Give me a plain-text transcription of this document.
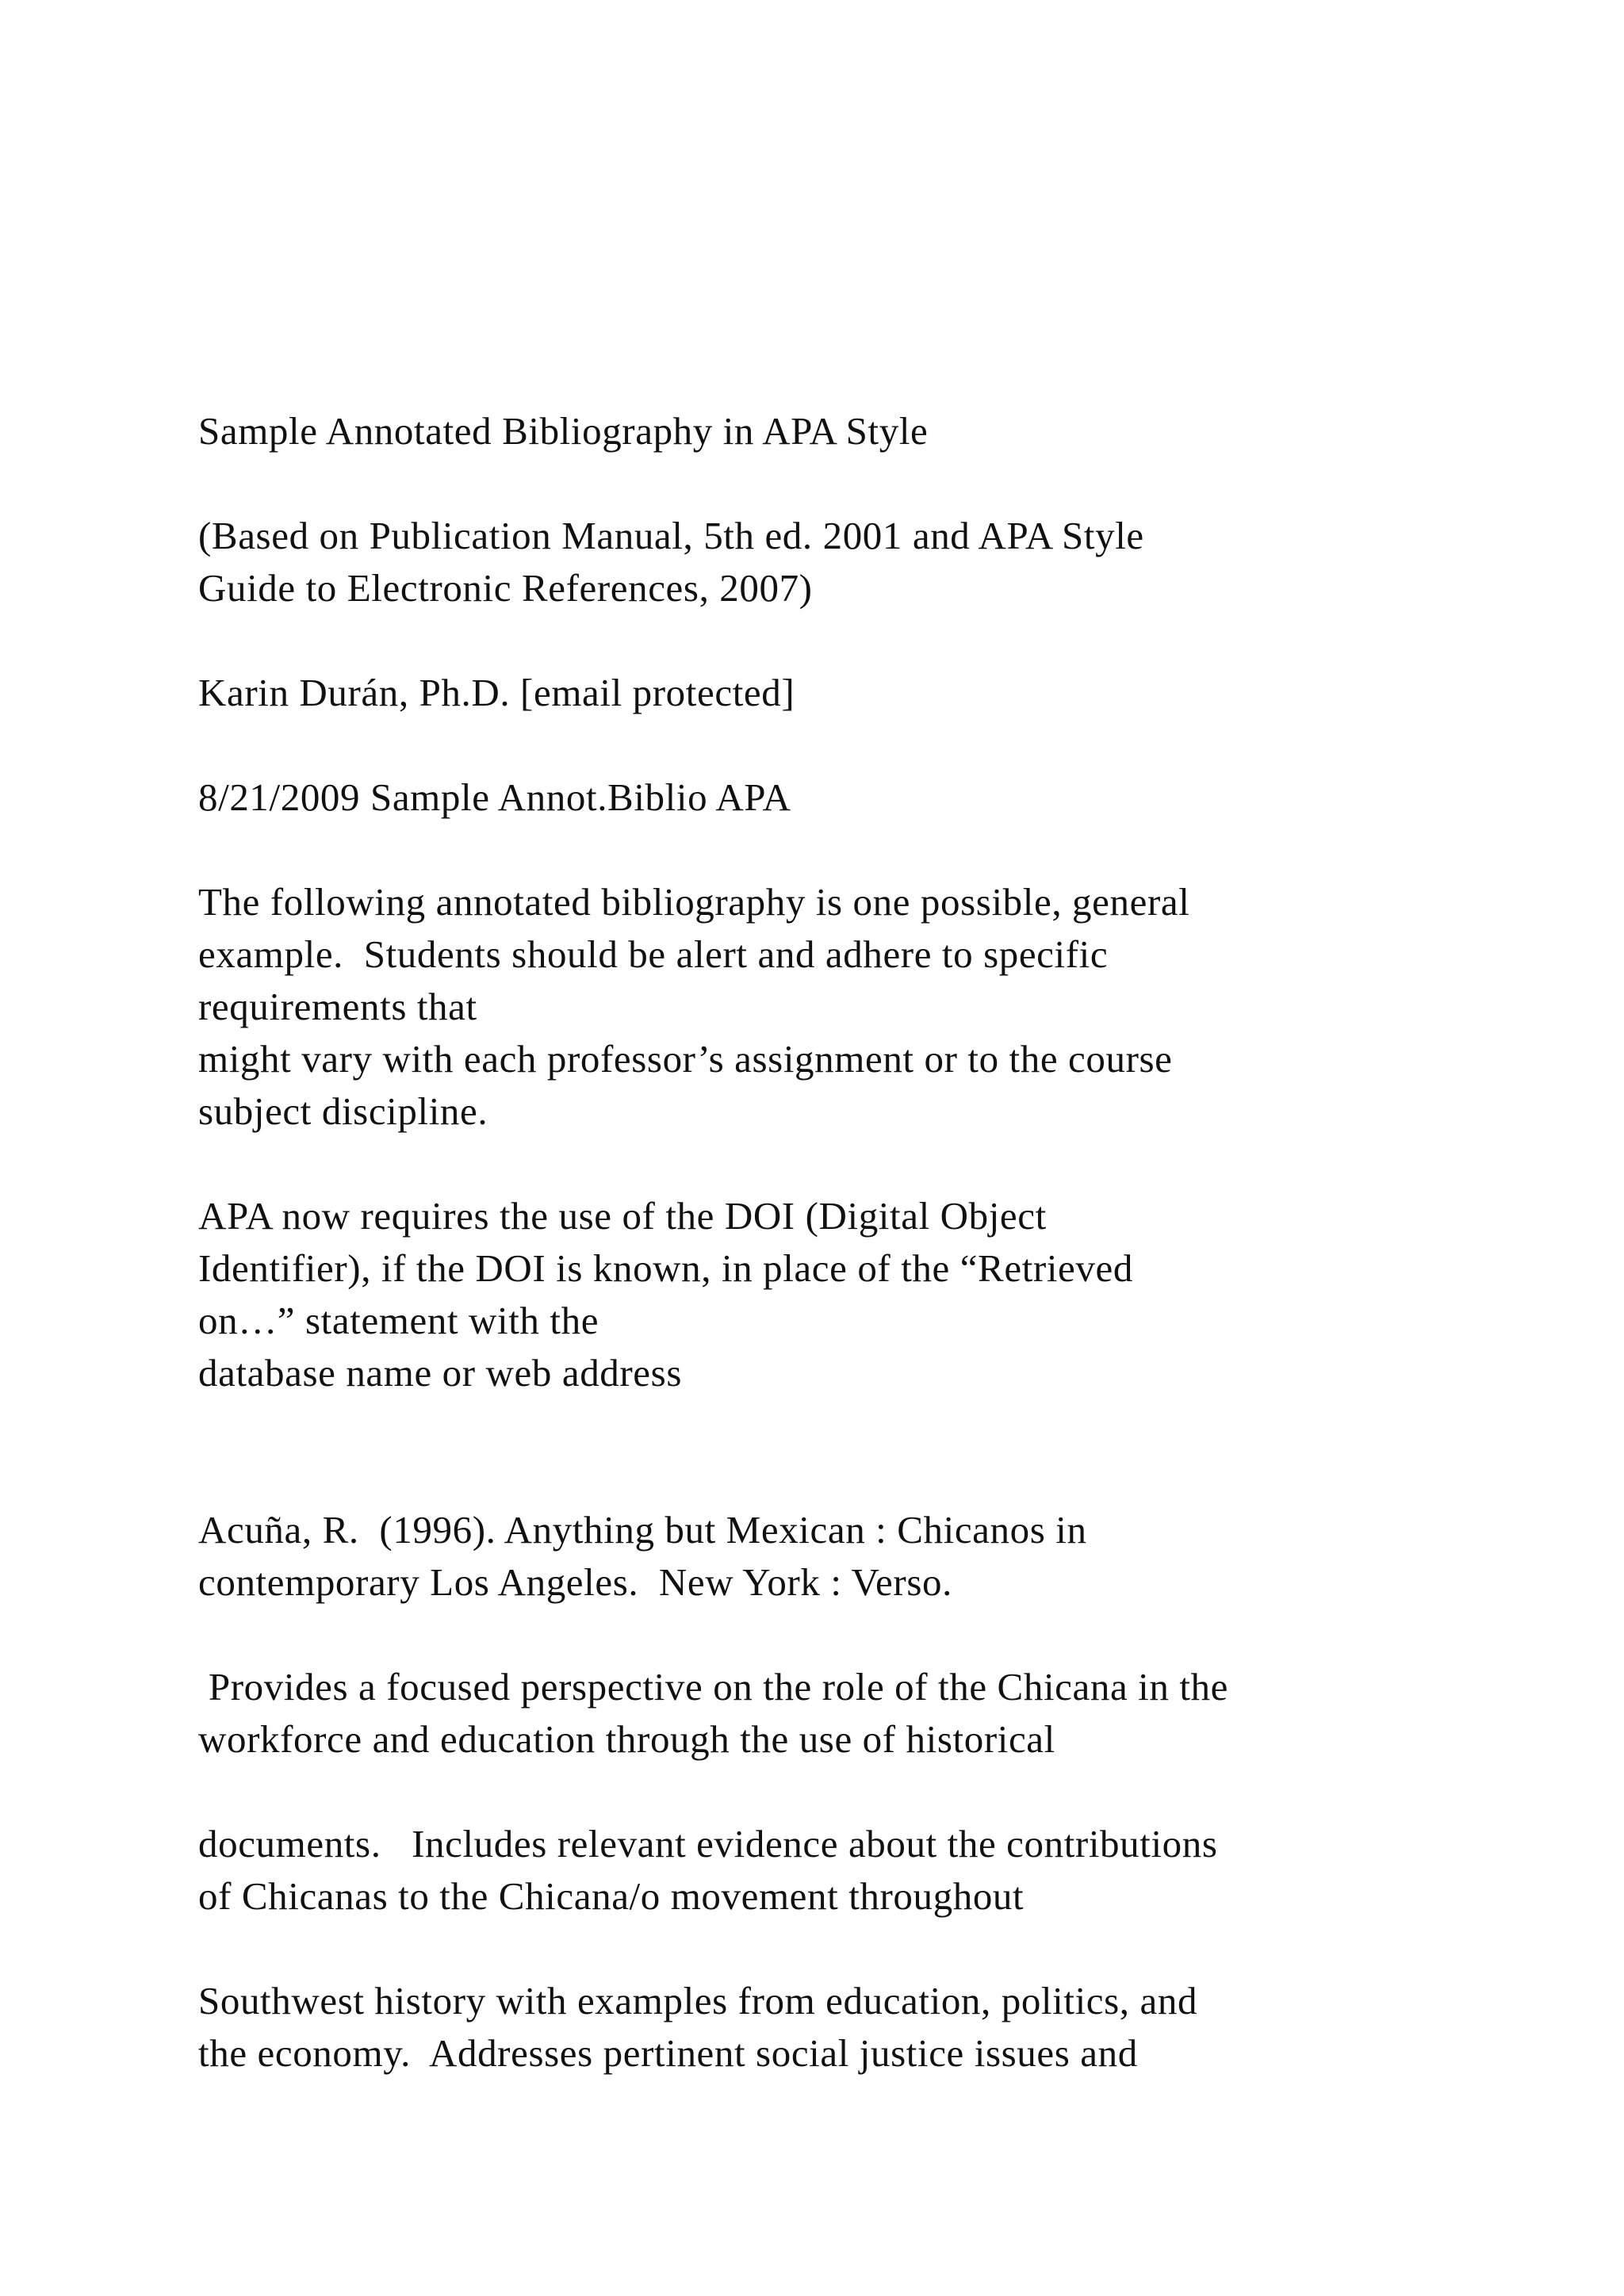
Sample Annotated Bibliography in APA Style

(Based on Publication Manual, 5th ed. 2001 and APA Style

Guide to Electronic References, 2007)

Karin Durán, Ph.D. [email protected]

8/21/2009 Sample Annot.Biblio APA

The following annotated bibliography is one possible, general

example.  Students should be alert and adhere to specific

requirements that

might vary with each professor’s assignment or to the course

subject discipline.

APA now requires the use of the DOI (Digital Object

Identifier), if the DOI is known, in place of the “Retrieved

on…” statement with the

database name or web address

Acuña, R.  (1996). Anything but Mexican : Chicanos in

contemporary Los Angeles.  New York : Verso.

Provides a focused perspective on the role of the Chicana in the

workforce and education through the use of historical

documents.   Includes relevant evidence about the contributions

of Chicanas to the Chicana/o movement throughout

Southwest history with examples from education, politics, and

the economy.  Addresses pertinent social justice issues and
